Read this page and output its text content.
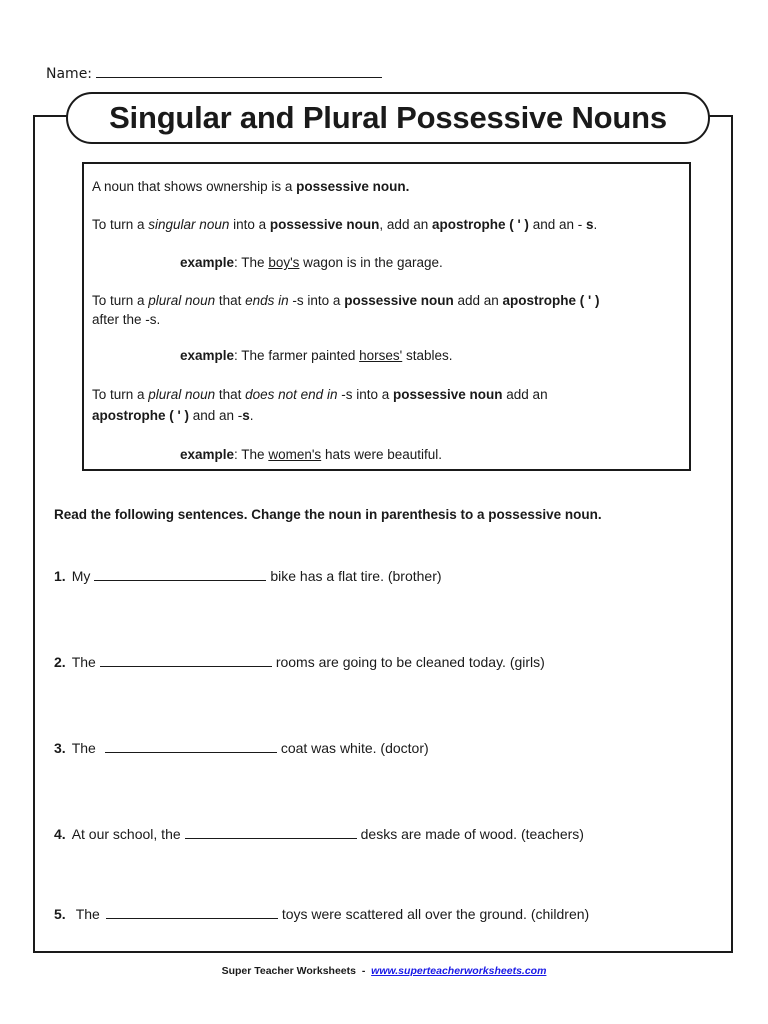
Name:
Singular and Plural Possessive Nouns

A noun that shows ownership is a possessive noun.

To turn a singular noun into a possessive noun, add an apostrophe ( ' ) and an - s.

example: The boy's wagon is in the garage.

To turn a plural noun that ends in -s into a possessive noun add an apostrophe ( ' )
after the -s.

example: The farmer painted horses' stables.

To turn a plural noun that does not end in -s into a possessive noun add an
apostrophe ( ' ) and an -s.

example: The women's hats were beautiful.

Read the following sentences. Change the noun in parenthesis to a possessive noun.
1. My	bike has a flat tire. (brother)
2. The	rooms are going to be cleaned today. (girls)
3. The	coat was white. (doctor)
4. At our school, the	desks are made of wood. (teachers)
5. The	toys were scattered all over the ground. (children)
Super Teacher Worksheets  -  www.superteacherworksheets.com
